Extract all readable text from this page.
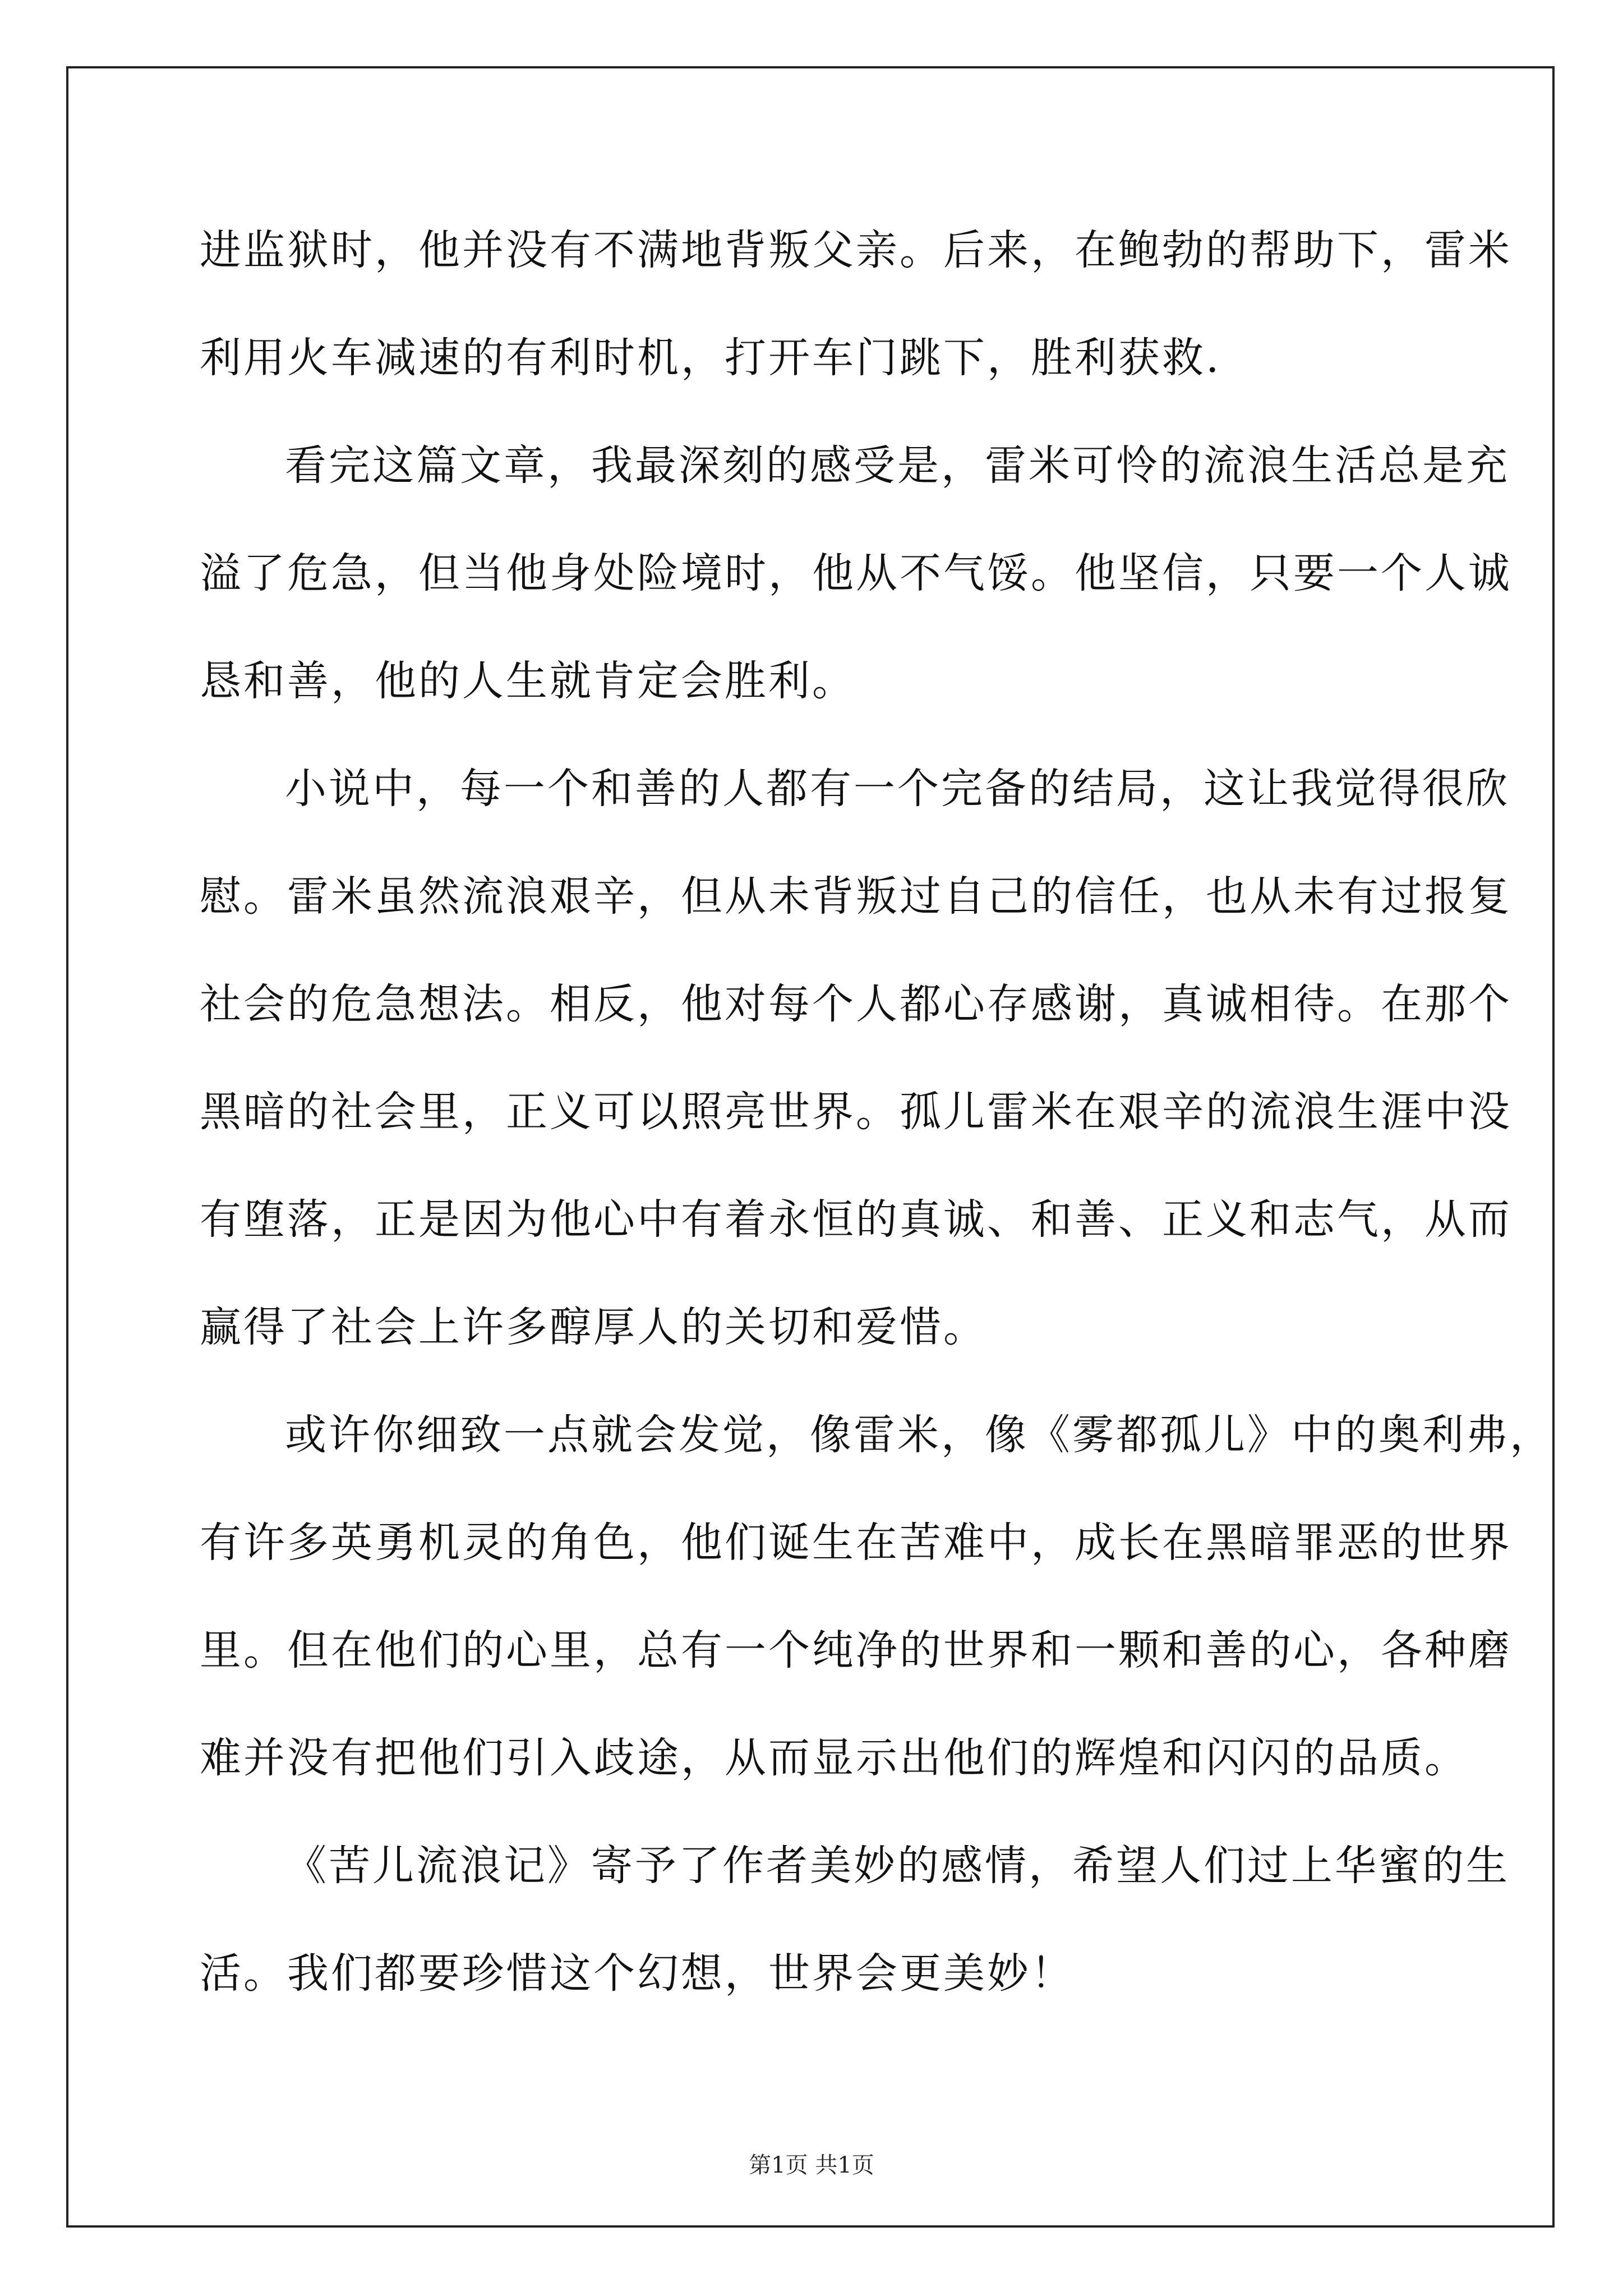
进监狱时，他并没有不满地背叛父亲。后来，在鲍勃的帮助下，雷米
利用火车减速的有利时机，打开车门跳下，胜利获救.
看完这篇文章，我最深刻的感受是，雷米可怜的流浪生活总是充
溢了危急，但当他身处险境时，他从不气馁。他坚信，只要一个人诚
恳和善，他的人生就肯定会胜利。
小说中，每一个和善的人都有一个完备的结局，这让我觉得很欣
慰。雷米虽然流浪艰辛，但从未背叛过自己的信任，也从未有过报复
社会的危急想法。相反，他对每个人都心存感谢，真诚相待。在那个
黑暗的社会里，正义可以照亮世界。孤儿雷米在艰辛的流浪生涯中没
有堕落，正是因为他心中有着永恒的真诚、和善、正义和志气，从而
赢得了社会上许多醇厚人的关切和爱惜。
或许你细致一点就会发觉，像雷米，像《雾都孤儿》中的奥利弗，
有许多英勇机灵的角色，他们诞生在苦难中，成长在黑暗罪恶的世界
里。但在他们的心里，总有一个纯净的世界和一颗和善的心，各种磨
难并没有把他们引入歧途，从而显示出他们的辉煌和闪闪的品质。
《苦儿流浪记》寄予了作者美妙的感情，希望人们过上华蜜的生
活。我们都要珍惜这个幻想，世界会更美妙！
第1页 共1页
